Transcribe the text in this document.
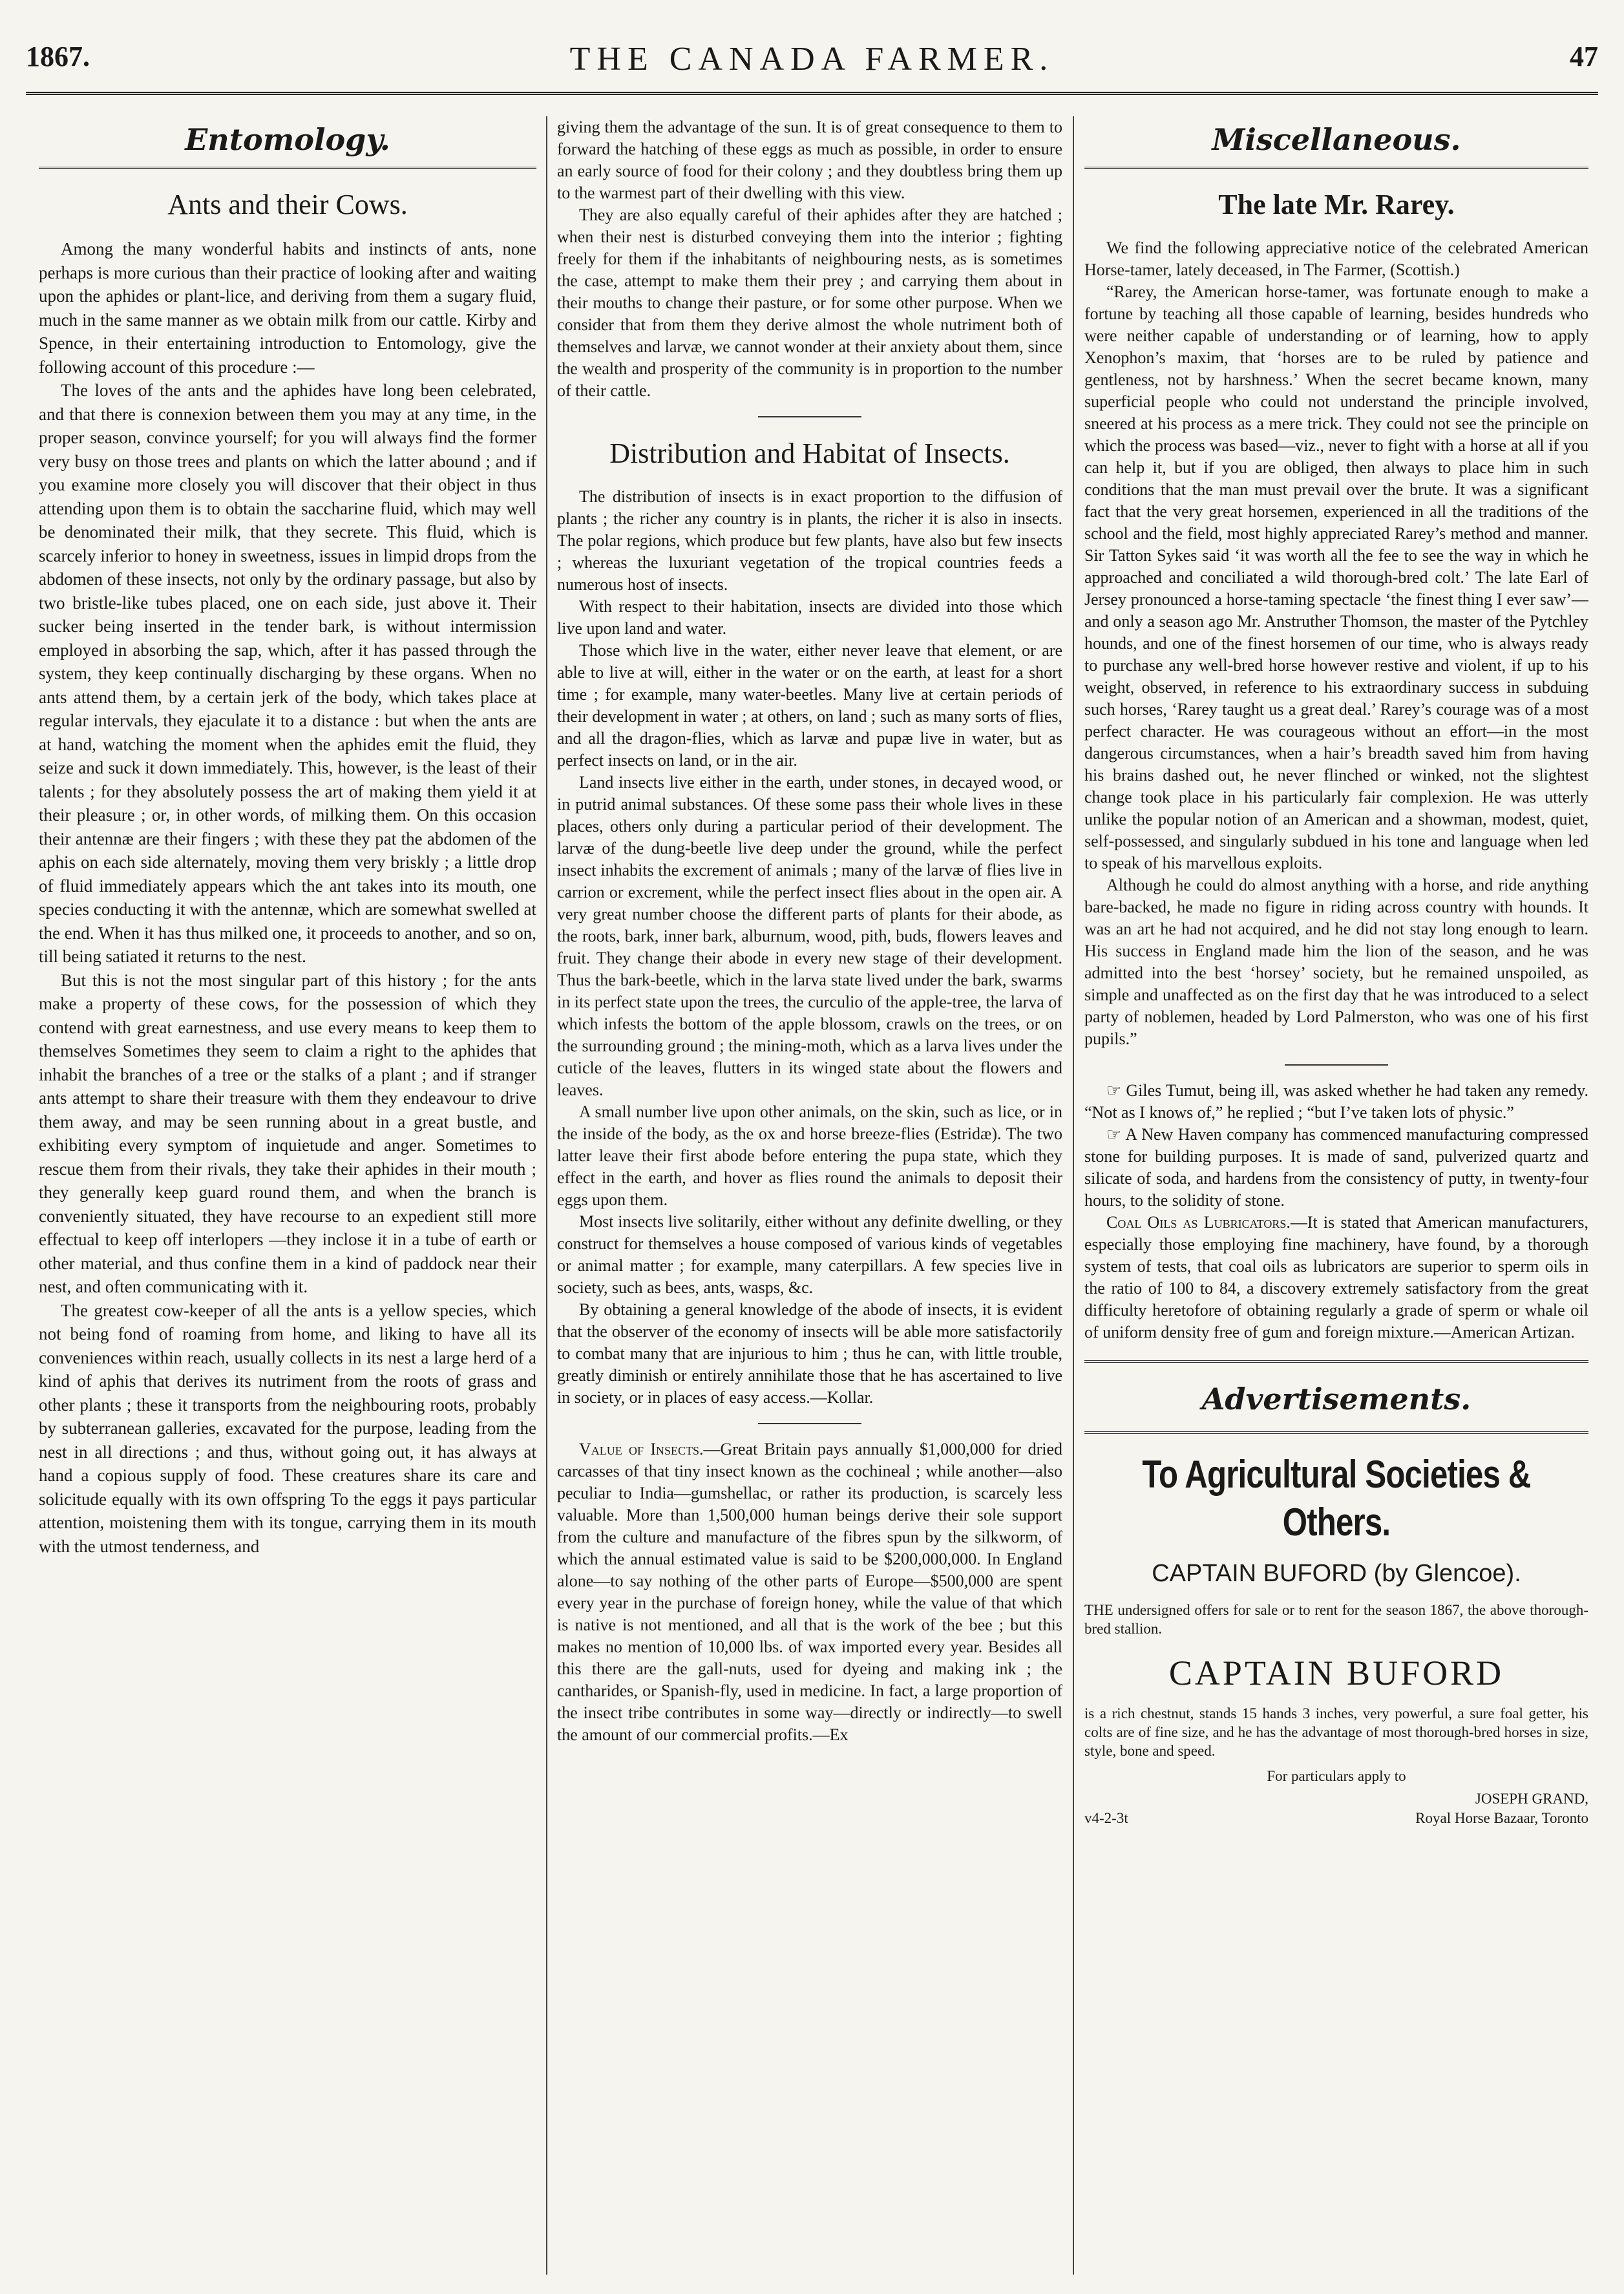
1867.	THE CANADA FARMER.	47
Entomology.
Ants and their Cows.

Among the many wonderful habits and instincts of ants, none perhaps is more curious than their practice of looking after and waiting upon the aphides or plant-lice, and deriving from them a sugary fluid, much in the same manner as we obtain milk from our cattle. Kirby and Spence, in their entertaining introduction to Entomology, give the following account of this procedure :—

The loves of the ants and the aphides have long been celebrated, and that there is connexion between them you may at any time, in the proper season, convince yourself; for you will always find the former very busy on those trees and plants on which the latter abound ; and if you examine more closely you will discover that their object in thus attending upon them is to obtain the saccharine fluid, which may well be denominated their milk, that they secrete. This fluid, which is scarcely inferior to honey in sweetness, issues in limpid drops from the abdomen of these insects, not only by the ordinary passage, but also by two bristle-like tubes placed, one on each side, just above it. Their sucker being inserted in the tender bark, is without intermission employed in absorbing the sap, which, after it has passed through the system, they keep continually discharging by these organs. When no ants attend them, by a certain jerk of the body, which takes place at regular intervals, they ejaculate it to a distance : but when the ants are at hand, watching the moment when the aphides emit the fluid, they seize and suck it down immediately. This, however, is the least of their talents ; for they absolutely possess the art of making them yield it at their pleasure ; or, in other words, of milking them. On this occasion their antennæ are their fingers ; with these they pat the abdomen of the aphis on each side alternately, moving them very briskly ; a little drop of fluid immediately appears which the ant takes into its mouth, one species conducting it with the antennæ, which are somewhat swelled at the end. When it has thus milked one, it proceeds to another, and so on, till being satiated it returns to the nest.

But this is not the most singular part of this history ; for the ants make a property of these cows, for the possession of which they contend with great earnestness, and use every means to keep them to themselves Sometimes they seem to claim a right to the aphides that inhabit the branches of a tree or the stalks of a plant ; and if stranger ants attempt to share their treasure with them they endeavour to drive them away, and may be seen running about in a great bustle, and exhibiting every symptom of inquietude and anger. Sometimes to rescue them from their rivals, they take their aphides in their mouth ; they generally keep guard round them, and when the branch is conveniently situated, they have recourse to an expedient still more effectual to keep off interlopers —they inclose it in a tube of earth or other material, and thus confine them in a kind of paddock near their nest, and often communicating with it.

The greatest cow-keeper of all the ants is a yellow species, which not being fond of roaming from home, and liking to have all its conveniences within reach, usually collects in its nest a large herd of a kind of aphis that derives its nutriment from the roots of grass and other plants ; these it transports from the neighbouring roots, probably by subterranean galleries, excavated for the purpose, leading from the nest in all directions ; and thus, without going out, it has always at hand a copious supply of food. These creatures share its care and solicitude equally with its own offspring To the eggs it pays particular attention, moistening them with its tongue, carrying them in its mouth with the utmost tenderness, and

giving them the advantage of the sun. It is of great consequence to them to forward the hatching of these eggs as much as possible, in order to ensure an early source of food for their colony ; and they doubtless bring them up to the warmest part of their dwelling with this view.

They are also equally careful of their aphides after they are hatched ; when their nest is disturbed conveying them into the interior ; fighting freely for them if the inhabitants of neighbouring nests, as is sometimes the case, attempt to make them their prey ; and carrying them about in their mouths to change their pasture, or for some other purpose. When we consider that from them they derive almost the whole nutriment both of themselves and larvæ, we cannot wonder at their anxiety about them, since the wealth and prosperity of the community is in proportion to the number of their cattle.

Distribution and Habitat of Insects.

The distribution of insects is in exact proportion to the diffusion of plants ; the richer any country is in plants, the richer it is also in insects. The polar regions, which produce but few plants, have also but few insects ; whereas the luxuriant vegetation of the tropical countries feeds a numerous host of insects.

With respect to their habitation, insects are divided into those which live upon land and water.

Those which live in the water, either never leave that element, or are able to live at will, either in the water or on the earth, at least for a short time ; for example, many water-beetles. Many live at certain periods of their development in water ; at others, on land ; such as many sorts of flies, and all the dragon-flies, which as larvæ and pupæ live in water, but as perfect insects on land, or in the air.

Land insects live either in the earth, under stones, in decayed wood, or in putrid animal substances. Of these some pass their whole lives in these places, others only during a particular period of their development. The larvæ of the dung-beetle live deep under the ground, while the perfect insect inhabits the excrement of animals ; many of the larvæ of flies live in carrion or excrement, while the perfect insect flies about in the open air. A very great number choose the different parts of plants for their abode, as the roots, bark, inner bark, alburnum, wood, pith, buds, flowers leaves and fruit. They change their abode in every new stage of their development. Thus the bark-beetle, which in the larva state lived under the bark, swarms in its perfect state upon the trees, the curculio of the apple-tree, the larva of which infests the bottom of the apple blossom, crawls on the trees, or on the surrounding ground ; the mining-moth, which as a larva lives under the cuticle of the leaves, flutters in its winged state about the flowers and leaves.

A small number live upon other animals, on the skin, such as lice, or in the inside of the body, as the ox and horse breeze-flies (Estridæ). The two latter leave their first abode before entering the pupa state, which they effect in the earth, and hover as flies round the animals to deposit their eggs upon them.

Most insects live solitarily, either without any definite dwelling, or they construct for themselves a house composed of various kinds of vegetables or animal matter ; for example, many caterpillars. A few species live in society, such as bees, ants, wasps, &c.

By obtaining a general knowledge of the abode of insects, it is evident that the observer of the economy of insects will be able more satisfactorily to combat many that are injurious to him ; thus he can, with little trouble, greatly diminish or entirely annihilate those that he has ascertained to live in society, or in places of easy access.—Kollar.

Value of Insects.—Great Britain pays annually $1,000,000 for dried carcasses of that tiny insect known as the cochineal ; while another—also peculiar to India—gumshellac, or rather its production, is scarcely less valuable. More than 1,500,000 human beings derive their sole support from the culture and manufacture of the fibres spun by the silkworm, of which the annual estimated value is said to be $200,000,000. In England alone—to say nothing of the other parts of Europe—$500,000 are spent every year in the purchase of foreign honey, while the value of that which is native is not mentioned, and all that is the work of the bee ; but this makes no mention of 10,000 lbs. of wax imported every year. Besides all this there are the gall-nuts, used for dyeing and making ink ; the cantharides, or Spanish-fly, used in medicine. In fact, a large proportion of the insect tribe contributes in some way—directly or indirectly—to swell the amount of our commercial profits.—Ex

Miscellaneous.
The late Mr. Rarey.

We find the following appreciative notice of the celebrated American Horse-tamer, lately deceased, in The Farmer, (Scottish.)

“Rarey, the American horse-tamer, was fortunate enough to make a fortune by teaching all those capable of learning, besides hundreds who were neither capable of understanding or of learning, how to apply Xenophon’s maxim, that ‘horses are to be ruled by patience and gentleness, not by harshness.’ When the secret became known, many superficial people who could not understand the principle involved, sneered at his process as a mere trick. They could not see the principle on which the process was based—viz., never to fight with a horse at all if you can help it, but if you are obliged, then always to place him in such conditions that the man must prevail over the brute. It was a significant fact that the very great horsemen, experienced in all the traditions of the school and the field, most highly appreciated Rarey’s method and manner. Sir Tatton Sykes said ‘it was worth all the fee to see the way in which he approached and conciliated a wild thorough-bred colt.’ The late Earl of Jersey pronounced a horse-taming spectacle ‘the finest thing I ever saw’—and only a season ago Mr. Anstruther Thomson, the master of the Pytchley hounds, and one of the finest horsemen of our time, who is always ready to purchase any well-bred horse however restive and violent, if up to his weight, observed, in reference to his extraordinary success in subduing such horses, ‘Rarey taught us a great deal.’ Rarey’s courage was of a most perfect character. He was courageous without an effort—in the most dangerous circumstances, when a hair’s breadth saved him from having his brains dashed out, he never flinched or winked, not the slightest change took place in his particularly fair complexion. He was utterly unlike the popular notion of an American and a showman, modest, quiet, self-possessed, and singularly subdued in his tone and language when led to speak of his marvellous exploits.

Although he could do almost anything with a horse, and ride anything bare-backed, he made no figure in riding across country with hounds. It was an art he had not acquired, and he did not stay long enough to learn. His success in England made him the lion of the season, and he was admitted into the best ‘horsey’ society, but he remained unspoiled, as simple and unaffected as on the first day that he was introduced to a select party of noblemen, headed by Lord Palmerston, who was one of his first pupils.”

☞ Giles Tumut, being ill, was asked whether he had taken any remedy. “Not as I knows of,” he replied ; “but I’ve taken lots of physic.”

☞ A New Haven company has commenced manufacturing compressed stone for building purposes. It is made of sand, pulverized quartz and silicate of soda, and hardens from the consistency of putty, in twenty-four hours, to the solidity of stone.

Coal Oils as Lubricators.—It is stated that American manufacturers, especially those employing fine machinery, have found, by a thorough system of tests, that coal oils as lubricators are superior to sperm oils in the ratio of 100 to 84, a discovery extremely satisfactory from the great difficulty heretofore of obtaining regularly a grade of sperm or whale oil of uniform density free of gum and foreign mixture.—American Artizan.

Advertisements.
To Agricultural Societies & Others.
CAPTAIN BUFORD (by Glencoe).

THE undersigned offers for sale or to rent for the season 1867, the above thorough-bred stallion.

CAPTAIN BUFORD

is a rich chestnut, stands 15 hands 3 inches, very powerful, a sure foal getter, his colts are of fine size, and he has the advantage of most thorough-bred horses in size, style, bone and speed.

For particulars apply to
JOSEPH GRAND,
v4-2-3t	Royal Horse Bazaar, Toronto
